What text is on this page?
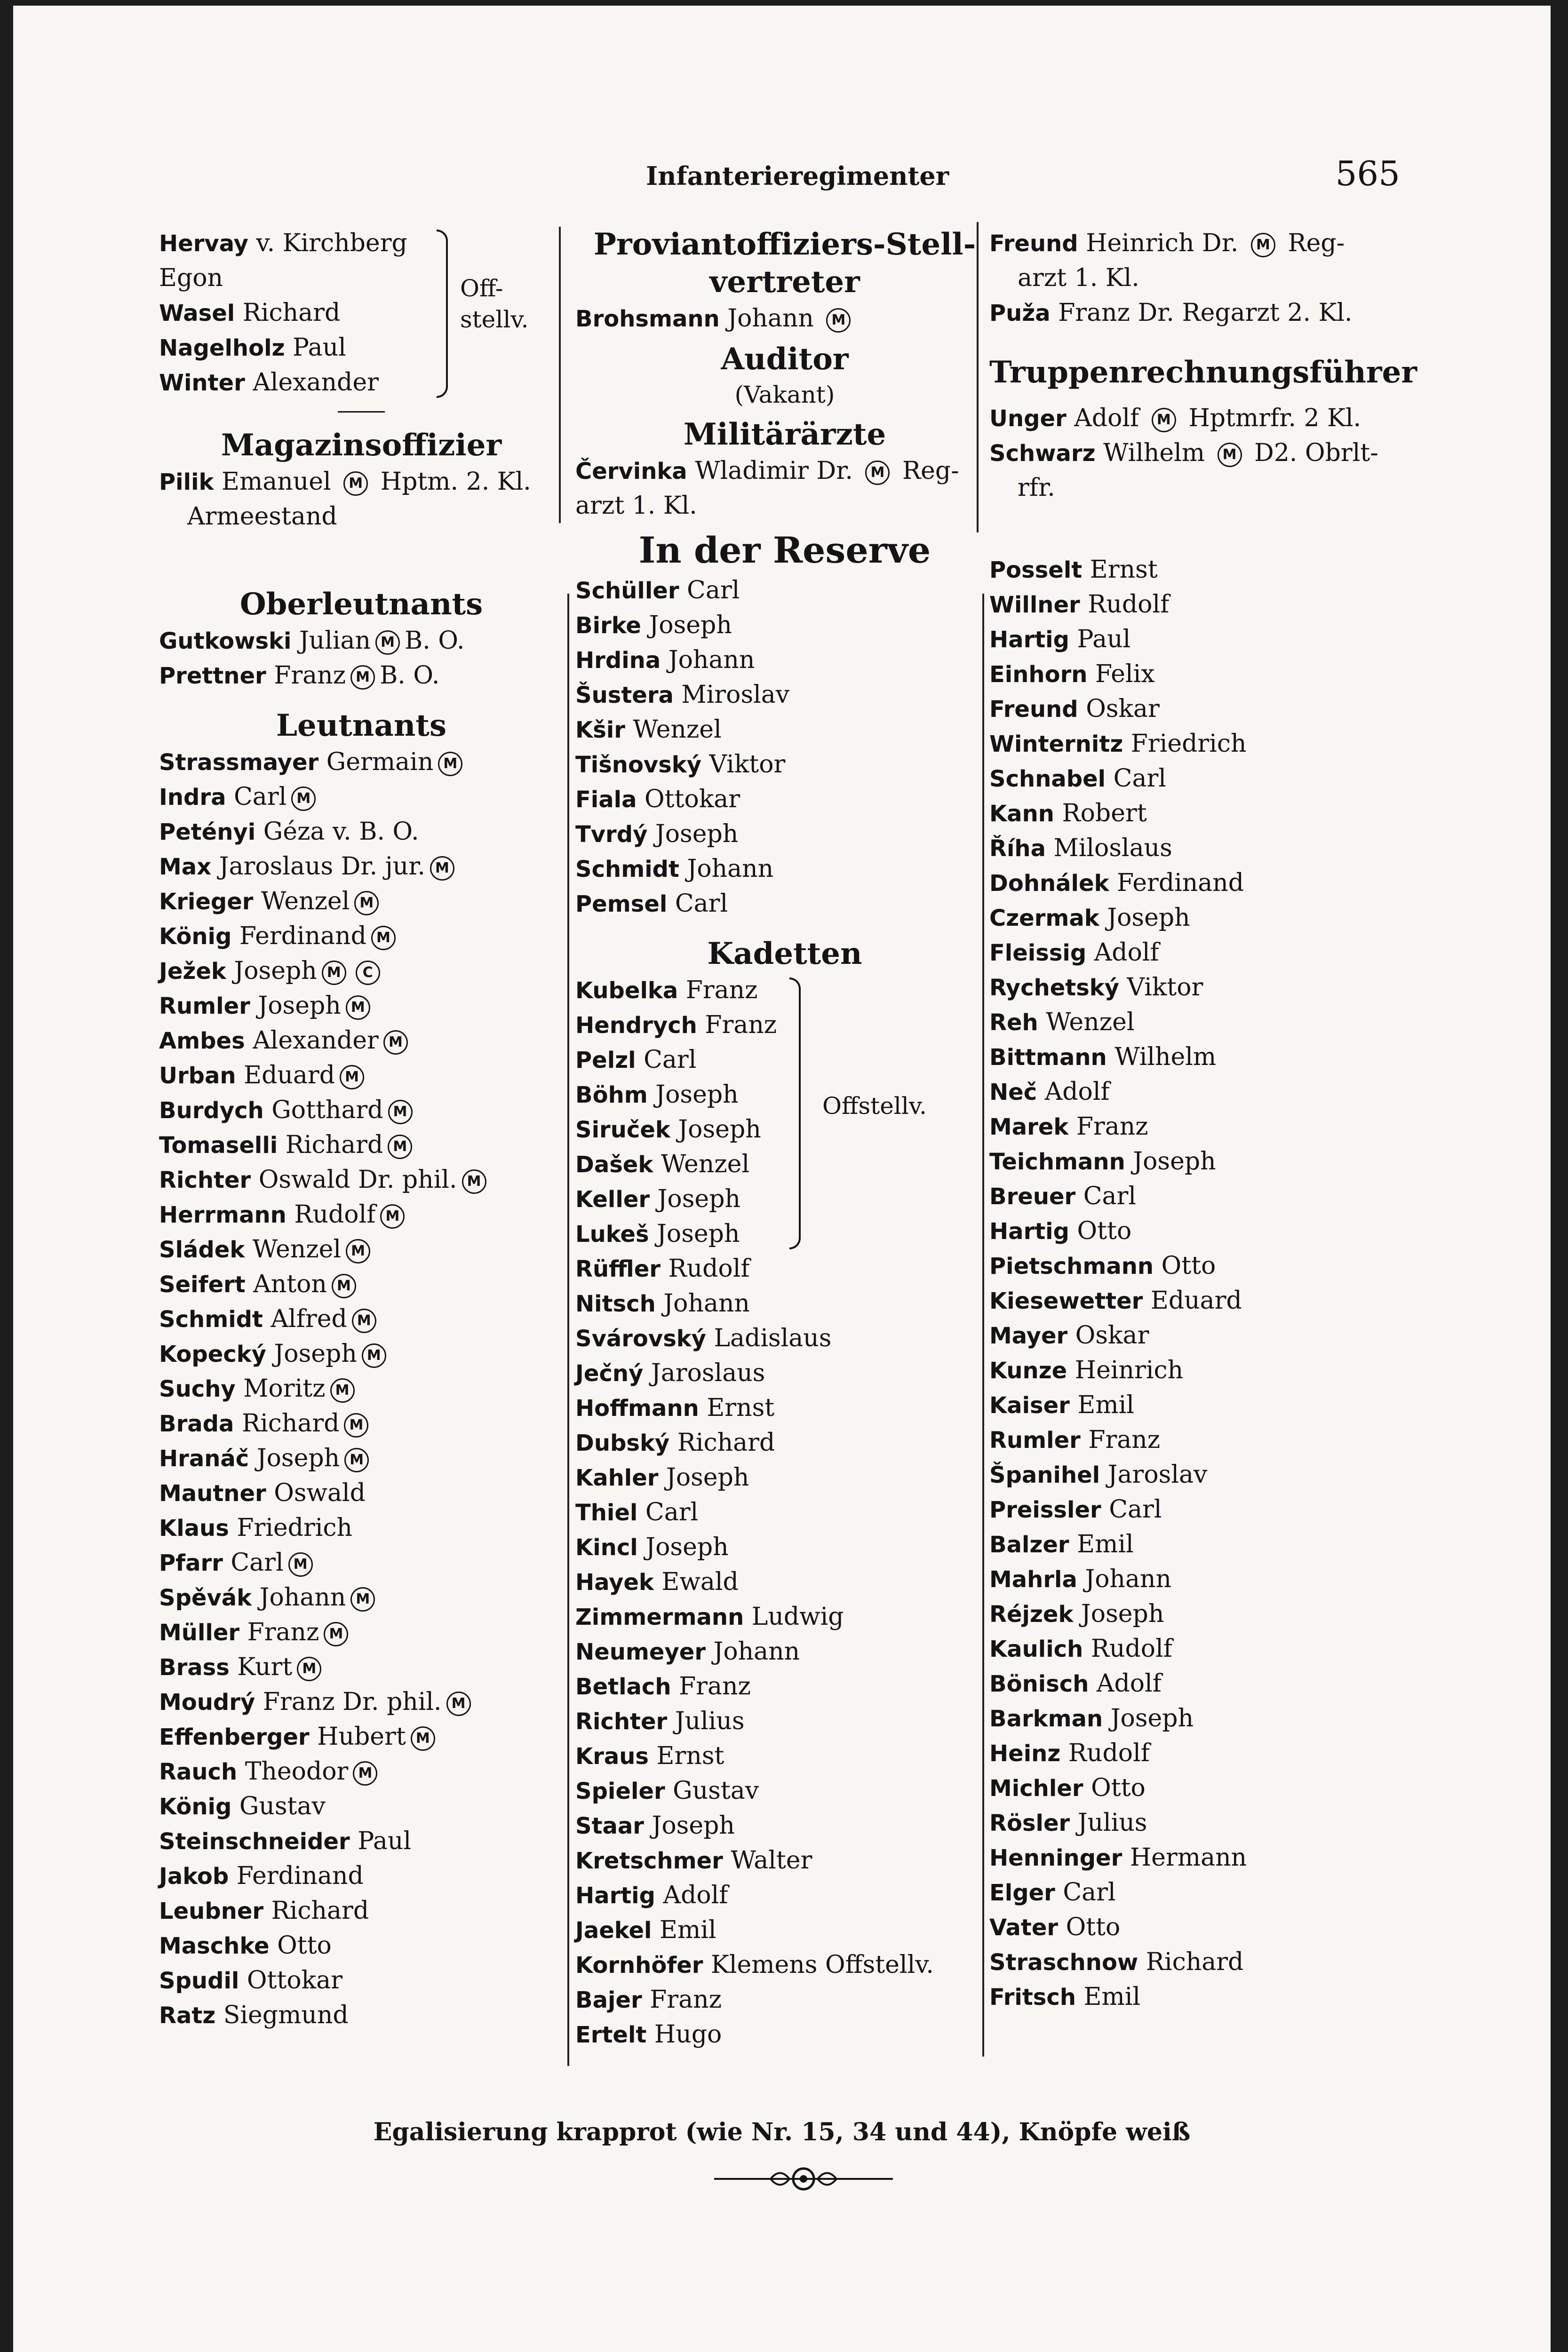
Infanterieregimenter	565
Hervay v. Kirchberg
Egon
Wasel Richard
Nagelholz Paul
Winter Alexander
Off-
stellv.
Magazinsoffizier
Pilik Emanuel M Hptm. 2. Kl.
Armeestand
Oberleutnants
Gutkowski Julian M B. O.
Prettner Franz M B. O.
Leutnants
Strassmayer Germain M
Indra Carl M
Petényi Géza v. B. O.
Max Jaroslaus Dr. jur. M
Krieger Wenzel M
König Ferdinand M
Ježek Joseph M C
Rumler Joseph M
Ambes Alexander M
Urban Eduard M
Burdych Gotthard M
Tomaselli Richard M
Richter Oswald Dr. phil. M
Herrmann Rudolf M
Sládek Wenzel M
Seifert Anton M
Schmidt Alfred M
Kopecký Joseph M
Suchy Moritz M
Brada Richard M
Hranáč Joseph M
Mautner Oswald
Klaus Friedrich
Pfarr Carl M
Spěvák Johann M
Müller Franz M
Brass Kurt M
Moudrý Franz Dr. phil. M
Effenberger Hubert M
Rauch Theodor M
König Gustav
Steinschneider Paul
Jakob Ferdinand
Leubner Richard
Maschke Otto
Spudil Ottokar
Ratz Siegmund
Proviantoffiziers-Stell-
vertreter
Brohsmann Johann M
Auditor
(Vakant)
Militärärzte
Červinka Wladimir Dr. M Reg-
arzt 1. Kl.
In der Reserve
Schüller Carl
Birke Joseph
Hrdina Johann
Šustera Miroslav
Kšir Wenzel
Tišnovský Viktor
Fiala Ottokar
Tvrdý Joseph
Schmidt Johann
Pemsel Carl
Kadetten
Kubelka Franz
Hendrych Franz
Pelzl Carl
Böhm Joseph
Siruček Joseph
Dašek Wenzel
Keller Joseph
Lukeš Joseph
Offstellv.
Rüffler Rudolf
Nitsch Johann
Svárovský Ladislaus
Ječný Jaroslaus
Hoffmann Ernst
Dubský Richard
Kahler Joseph
Thiel Carl
Kincl Joseph
Hayek Ewald
Zimmermann Ludwig
Neumeyer Johann
Betlach Franz
Richter Julius
Kraus Ernst
Spieler Gustav
Staar Joseph
Kretschmer Walter
Hartig Adolf
Jaekel Emil
Kornhöfer Klemens Offstellv.
Bajer Franz
Ertelt Hugo
Freund Heinrich Dr. M Reg-
arzt 1. Kl.
Puža Franz Dr. Regarzt 2. Kl.
Truppenrechnungsführer
Unger Adolf M Hptmrfr. 2 Kl.
Schwarz Wilhelm M D2. Obrlt-
rfr.
Posselt Ernst
Willner Rudolf
Hartig Paul
Einhorn Felix
Freund Oskar
Winternitz Friedrich
Schnabel Carl
Kann Robert
Říha Miloslaus
Dohnálek Ferdinand
Czermak Joseph
Fleissig Adolf
Rychetský Viktor
Reh Wenzel
Bittmann Wilhelm
Neč Adolf
Marek Franz
Teichmann Joseph
Breuer Carl
Hartig Otto
Pietschmann Otto
Kiesewetter Eduard
Mayer Oskar
Kunze Heinrich
Kaiser Emil
Rumler Franz
Španihel Jaroslav
Preissler Carl
Balzer Emil
Mahrla Johann
Réjzek Joseph
Kaulich Rudolf
Bönisch Adolf
Barkman Joseph
Heinz Rudolf
Michler Otto
Rösler Julius
Henninger Hermann
Elger Carl
Vater Otto
Straschnow Richard
Fritsch Emil
Egalisierung krapprot (wie Nr. 15, 34 und 44), Knöpfe weiß
